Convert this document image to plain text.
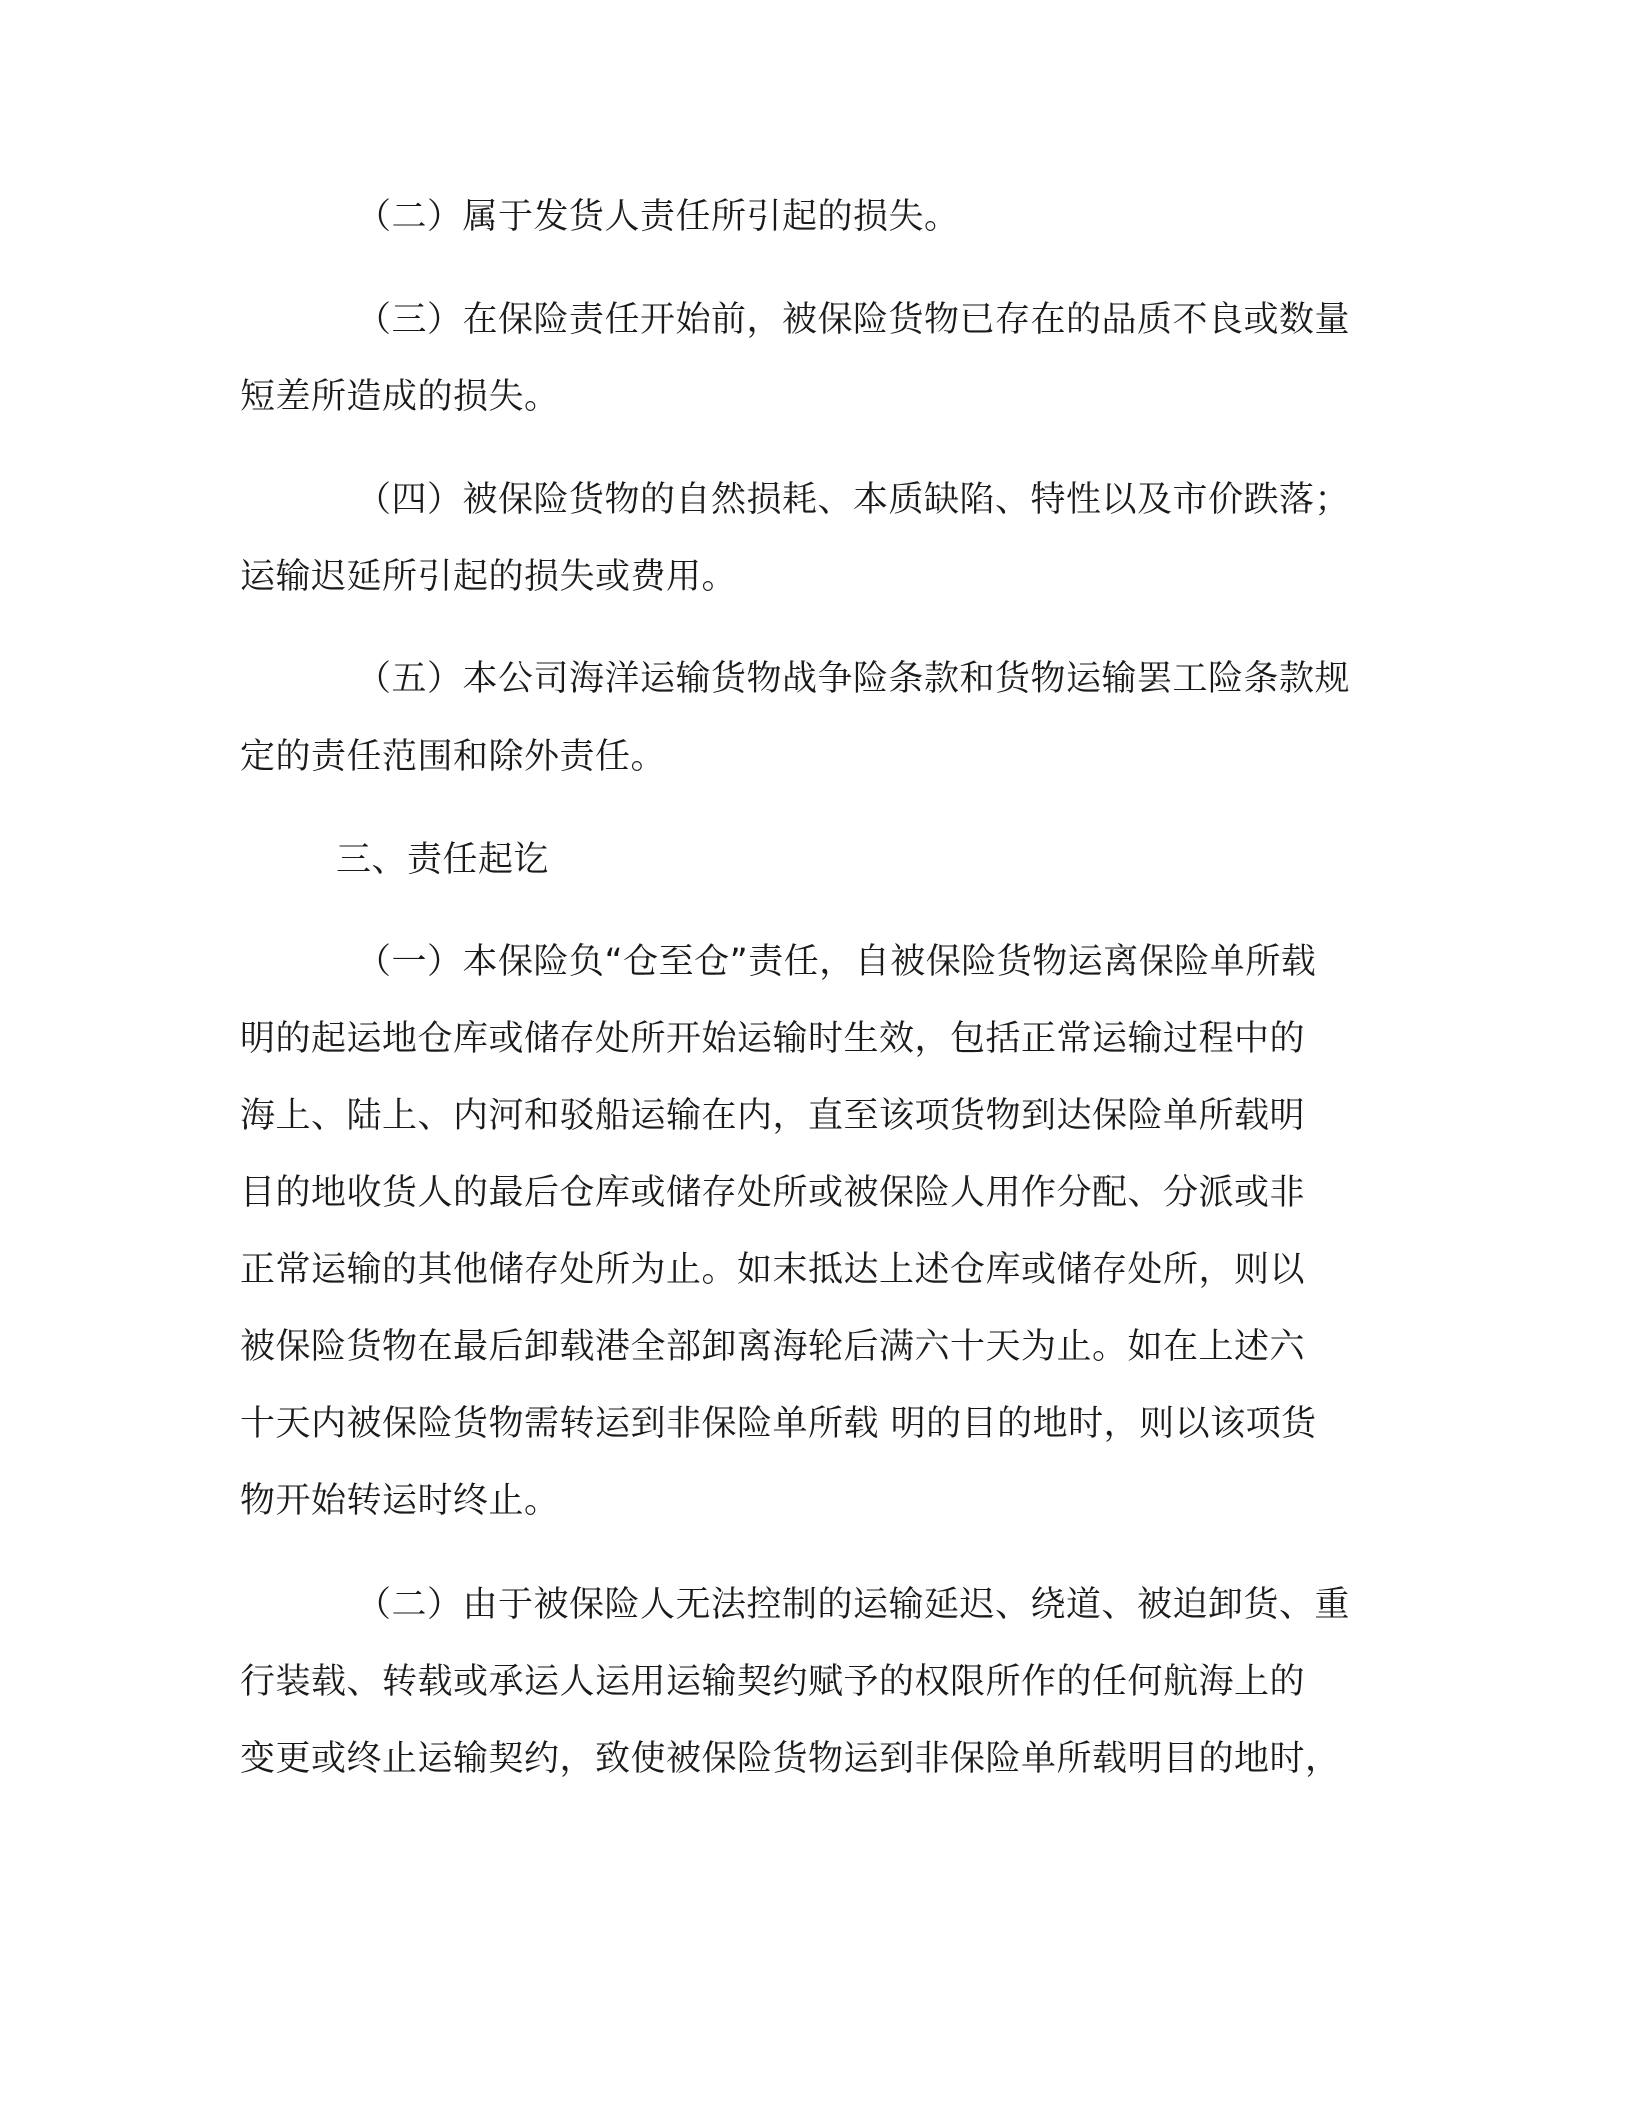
（二）属于发货人责任所引起的损失。
（三）在保险责任开始前，被保险货物已存在的品质不良或数量
短差所造成的损失。
（四）被保险货物的自然损耗、本质缺陷、特性以及市价跌落；
运输迟延所引起的损失或费用。
（五）本公司海洋运输货物战争险条款和货物运输罢工险条款规
定的责任范围和除外责任。
三、责任起讫
（一）本保险负“仓至仓”责任，自被保险货物运离保险单所载
明的起运地仓库或储存处所开始运输时生效，包括正常运输过程中的
海上、陆上、内河和驳船运输在内，直至该项货物到达保险单所载明
目的地收货人的最后仓库或储存处所或被保险人用作分配、分派或非
正常运输的其他储存处所为止。如末抵达上述仓库或储存处所，则以
被保险货物在最后卸载港全部卸离海轮后满六十天为止。如在上述六
十天内被保险货物需转运到非保险单所载 明的目的地时，则以该项货
物开始转运时终止。
（二）由于被保险人无法控制的运输延迟、绕道、被迫卸货、重
行装载、转载或承运人运用运输契约赋予的权限所作的任何航海上的
变更或终止运输契约，致使被保险货物运到非保险单所载明目的地时，
